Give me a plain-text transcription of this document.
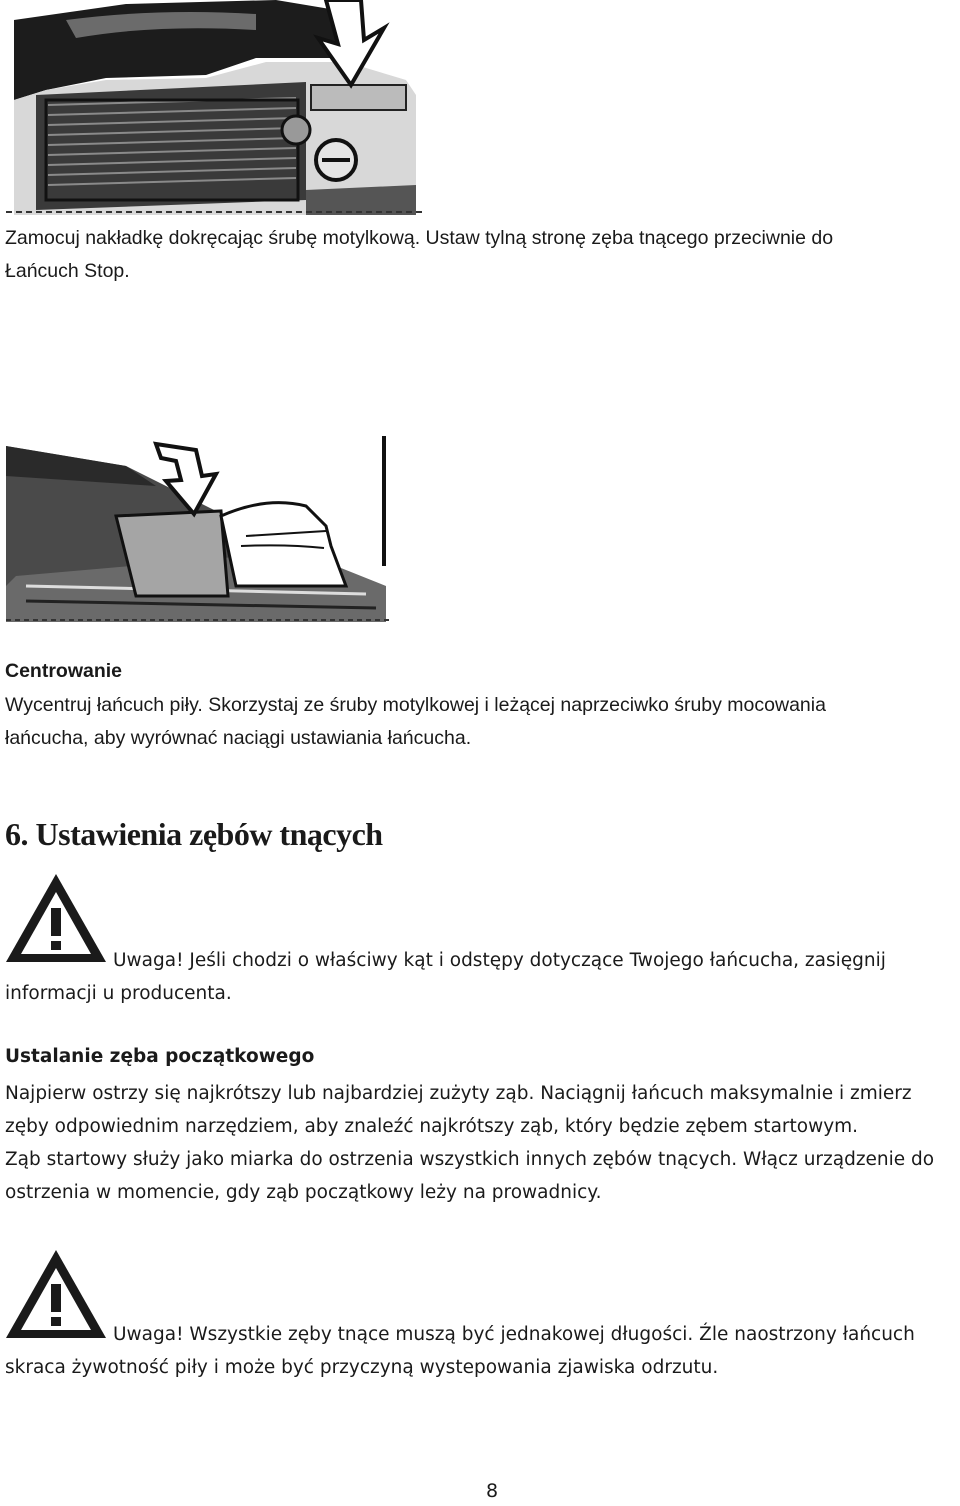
Zamocuj nakładkę dokręcając śrubę motylkową. Ustaw tylną stronę zęba tnącego przeciwnie do
Łańcuch Stop.

Centrowanie

Wycentruj łańcuch piły. Skorzystaj ze śruby motylkowej i leżącej naprzeciwko śruby mocowania
łańcucha, aby wyrównać naciągi ustawiania łańcucha.

6. Ustawienia zębów tnących

Uwaga! Jeśli chodzi o właściwy kąt i odstępy dotyczące Twojego łańcucha, zasięgnij
informacji u producenta.

Ustalanie zęba początkowego

Najpierw ostrzy się najkrótszy lub najbardziej zużyty ząb. Naciągnij łańcuch maksymalnie i zmierz
zęby odpowiednim narzędziem, aby znaleźć najkrótszy ząb, który będzie zębem startowym.
Ząb startowy służy jako miarka do ostrzenia wszystkich innych zębów tnących. Włącz urządzenie do
ostrzenia w momencie, gdy ząb początkowy leży na prowadnicy.

Uwaga! Wszystkie zęby tnące muszą być jednakowej długości. Źle naostrzony łańcuch
skraca żywotność piły i może być przyczyną wystepowania zjawiska odrzutu.

8
